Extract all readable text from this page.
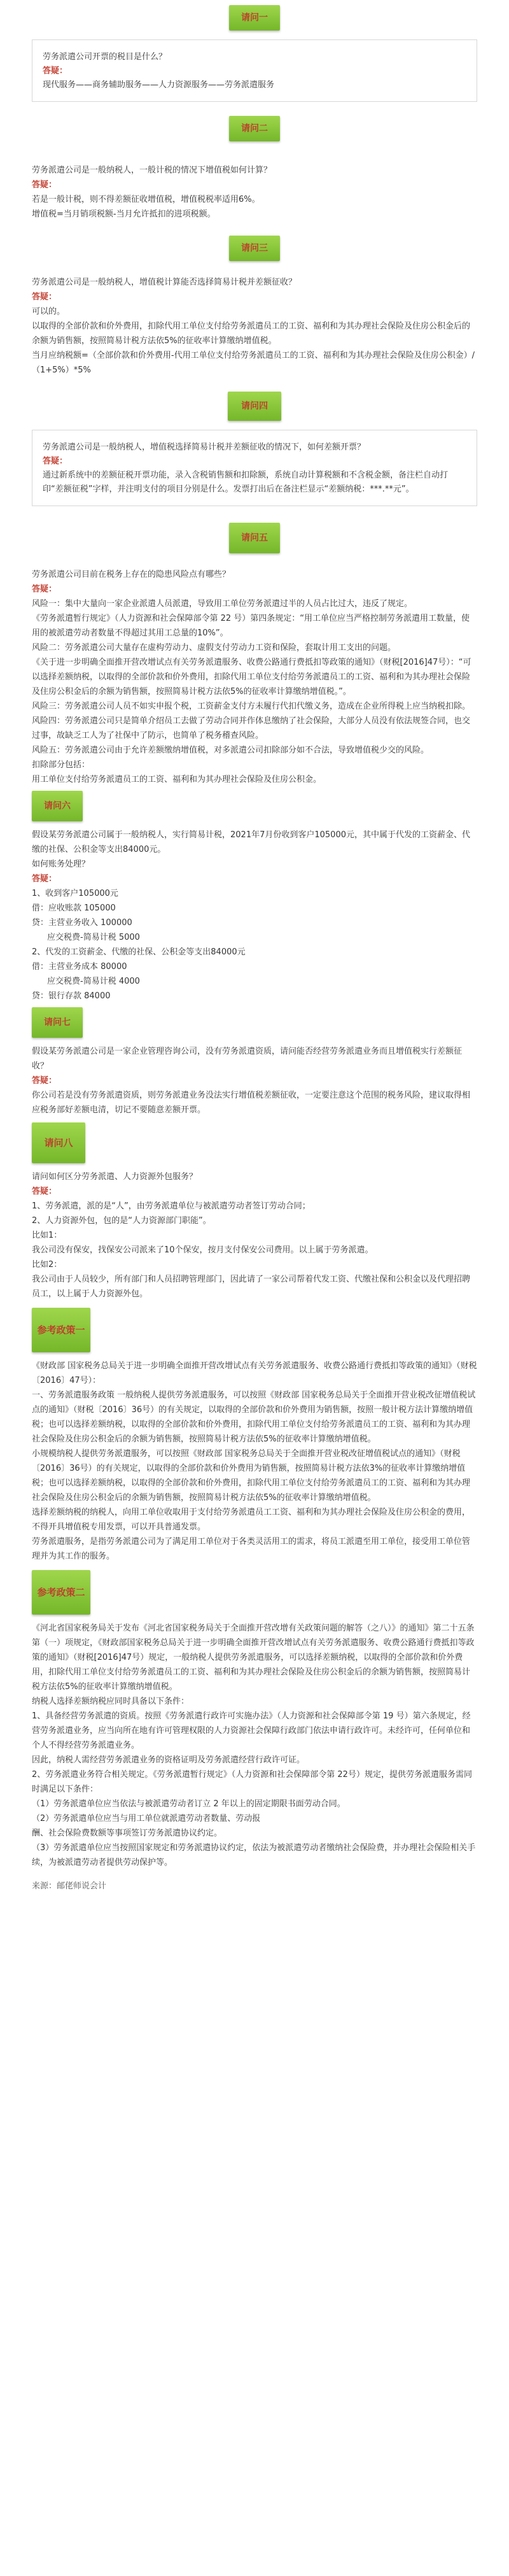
请问一

劳务派遣公司开票的税目是什么？

答疑：

现代服务——商务辅助服务——人力资源服务——劳务派遣服务

请问二

劳务派遣公司是一般纳税人，一般计税的情况下增值税如何计算？

答疑：

若是一般计税，则不得差额征收增值税，增值税税率适用6%。

增值税=当月销项税额-当月允许抵扣的进项税额。

请问三

劳务派遣公司是一般纳税人，增值税计算能否选择简易计税并差额征收？

答疑：

可以的。

以取得的全部价款和价外费用，扣除代用工单位支付给劳务派遣员工的工资、福利和为其办理社会保险及住房公积金后的余额为销售额，按照简易计税方法依5%的征收率计算缴纳增值税。

当月应纳税额=（全部价款和价外费用-代用工单位支付给劳务派遣员工的工资、福利和为其办理社会保险及住房公积金）/（1+5%）*5%

请问四

劳务派遣公司是一般纳税人，增值税选择简易计税并差额征收的情况下，如何差额开票？

答疑：

通过新系统中的差额征税开票功能，录入含税销售额和扣除额，系统自动计算税额和不含税金额，备注栏自动打印“差额征税”字样，并注明支付的项目分别是什么。发票打出后在备注栏显示“差额纳税：***.**元”。

请问五

劳务派遣公司目前在税务上存在的隐患风险点有哪些？

答疑：

风险一：集中大量向一家企业派遣人员派遣，导致用工单位劳务派遣过半的人员占比过大，违反了规定。

《劳务派遣暂行规定》（人力资源和社会保障部令第 22 号）第四条规定：“用工单位应当严格控制劳务派遣用工数量，使用的被派遣劳动者数量不得超过其用工总量的10%”。

风险二：劳务派遣公司大量存在虚构劳动力、虚假支付劳动力工资和保险，套取计用工支出的问题。

《关于进一步明确全面推开营改增试点有关劳务派遣服务、收费公路通行费抵扣等政策的通知》（财税[2016]47号）：“可以选择差额纳税，以取得的全部价款和价外费用，扣除代用工单位支付给劳务派遣员工的工资、福利和为其办理社会保险及住房公积金后的余额为销售额，按照简易计税方法依5%的征收率计算缴纳增值税。”。

风险三：劳务派遣公司人员不如实申报个税，工资薪金支付方未履行代扣代缴义务，造成在企业所得税上应当纳税扣除。

风险四：劳务派遣公司只是简单介绍员工去做了劳动合同并作体息缴纳了社会保险，大部分人员没有依法规签合同，也交过事，故缺乏工人为了社保中了防示，也简单了税务稽查风险。

风险五：劳务派遣公司由于允许差额缴纳增值税，对多派遣公司扣除部分如不合法，导致增值税少交的风险。

扣除部分包括：

用工单位支付给劳务派遣员工的工资、福利和为其办理社会保险及住房公积金。

请问六

假设某劳务派遣公司属于一般纳税人，实行简易计税，2021年7月份收到客户105000元，其中属于代发的工资薪金、代缴的社保、公积金等支出84000元。

如何账务处理？

答疑：

1、收到客户105000元

借：应收账款 105000

贷：主营业务收入 100000

应交税费-简易计税 5000

2、代发的工资薪金、代缴的社保、公积金等支出84000元

借：主营业务成本 80000

应交税费-简易计税 4000

贷：银行存款 84000

请问七

假设某劳务派遣公司是一家企业管理咨询公司，没有劳务派遣资质，请问能否经营劳务派遣业务而且增值税实行差额征收？

答疑：

你公司若是没有劳务派遣资质，则劳务派遣业务没法实行增值税差额征收，一定要注意这个范围的税务风险，建议取得相应税务部好差额电清，切记不要随意差额开票。

请问八

请问如何区分劳务派遣、人力资源外包服务？

答疑：

1、劳务派遣，派的是“人”，由劳务派遣单位与被派遣劳动者签订劳动合同；

2、人力资源外包，包的是“人力资源部门职能”。

比如1：

我公司没有保安，找保安公司派来了10个保安，按月支付保安公司费用。以上属于劳务派遣。

比如2：

我公司由于人员较少，所有部门和人员招聘管理部门，因此请了一家公司帮着代发工资、代缴社保和公积金以及代理招聘员工，以上属于人力资源外包。

参考政策一

《财政部 国家税务总局关于进一步明确全面推开营改增试点有关劳务派遣服务、收费公路通行费抵扣等政策的通知》（财税〔2016〕47号）：

一、劳务派遣服务政策 一般纳税人提供劳务派遣服务，可以按照《财政部 国家税务总局关于全面推开营业税改征增值税试点的通知》（财税〔2016〕36号）的有关规定，以取得的全部价款和价外费用为销售额，按照一般计税方法计算缴纳增值税；也可以选择差额纳税，以取得的全部价款和价外费用，扣除代用工单位支付给劳务派遣员工的工资、福利和为其办理社会保险及住房公积金后的余额为销售额，按照简易计税方法依5%的征收率计算缴纳增值税。

小规模纳税人提供劳务派遣服务，可以按照《财政部 国家税务总局关于全面推开营业税改征增值税试点的通知》（财税〔2016〕36号）的有关规定，以取得的全部价款和价外费用为销售额，按照简易计税方法依3%的征收率计算缴纳增值税；也可以选择差额纳税，以取得的全部价款和价外费用，扣除代用工单位支付给劳务派遣员工的工资、福利和为其办理社会保险及住房公积金后的余额为销售额，按照简易计税方法依5%的征收率计算缴纳增值税。

选择差额纳税的纳税人，向用工单位收取用于支付给劳务派遣员工工资、福利和为其办理社会保险及住房公积金的费用，不得开具增值税专用发票，可以开具普通发票。

劳务派遣服务，是指劳务派遣公司为了满足用工单位对于各类灵活用工的需求，将员工派遣至用工单位，接受用工单位管理并为其工作的服务。

参考政策二

《河北省国家税务局关于发布《河北省国家税务局关于全面推开营改增有关政策问题的解答（之八）》的通知》第二十五条第（一）项规定，《财政部国家税务总局关于进一步明确全面推开营改增试点有关劳务派遣服务、收费公路通行费抵扣等政策的通知》（财税[2016]47号）规定，一般纳税人提供劳务派遣服务，可以选择差额纳税，以取得的全部价款和价外费用，扣除代用工单位支付给劳务派遣员工的工资、福利和为其办理社会保险及住房公积金后的余额为销售额，按照简易计税方法依5%的征收率计算缴纳增值税。

纳税人选择差额纳税应同时具备以下条件：

1、具备经营劳务派遣的资质。按照《劳务派遣行政许可实施办法》（人力资源和社会保障部令第 19 号）第六条规定，经营劳务派遣业务，应当向所在地有许可管理权限的人力资源社会保障行政部门依法申请行政许可。未经许可，任何单位和个人不得经营劳务派遣业务。

因此，纳税人需经营劳务派遣业务的资格证明及劳务派遣经营行政许可证。

2、劳务派遣业务符合相关规定。《劳务派遣暂行规定》（人力资源和社会保障部令第 22号）规定，提供劳务派遣服务需同时满足以下条件：

（1）劳务派遣单位应当依法与被派遣劳动者订立 2 年以上的固定期限书面劳动合同。

（2）劳务派遣单位应当与用工单位就派遣劳动者数量、劳动报

酬、社会保险费数额等事项签订劳务派遣协议约定。

（3）劳务派遣单位应当按照国家规定和劳务派遣协议约定，依法为被派遣劳动者缴纳社会保险费，并办理社会保险相关手续，为被派遣劳动者提供劳动保护等。

来源：邮佬师说会计
